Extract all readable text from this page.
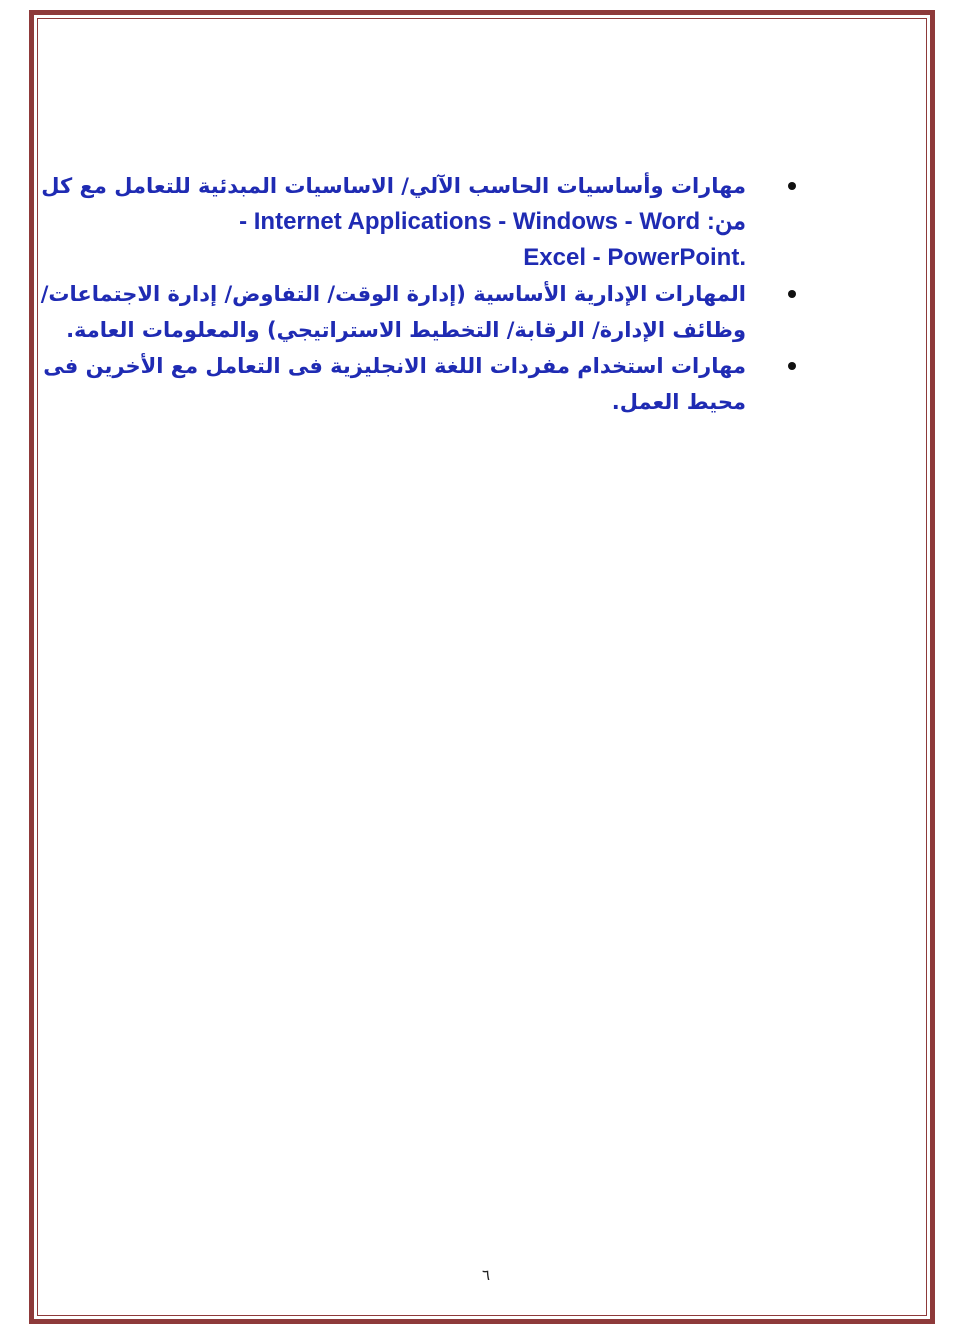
مهارات وأساسيات الحاسب الآلي/ الاساسيات المبدئية للتعامل مع كل
من: Internet Applications - Windows - Word -
.Excel - PowerPoint
المهارات الإدارية الأساسية (إدارة الوقت/ التفاوض/ إدارة الاجتماعات/
وظائف الإدارة/ الرقابة/ التخطيط الاستراتيجي) والمعلومات العامة.
مهارات استخدام مفردات اللغة الانجليزية فى التعامل مع الأخرين فى
محيط العمل.
٦
